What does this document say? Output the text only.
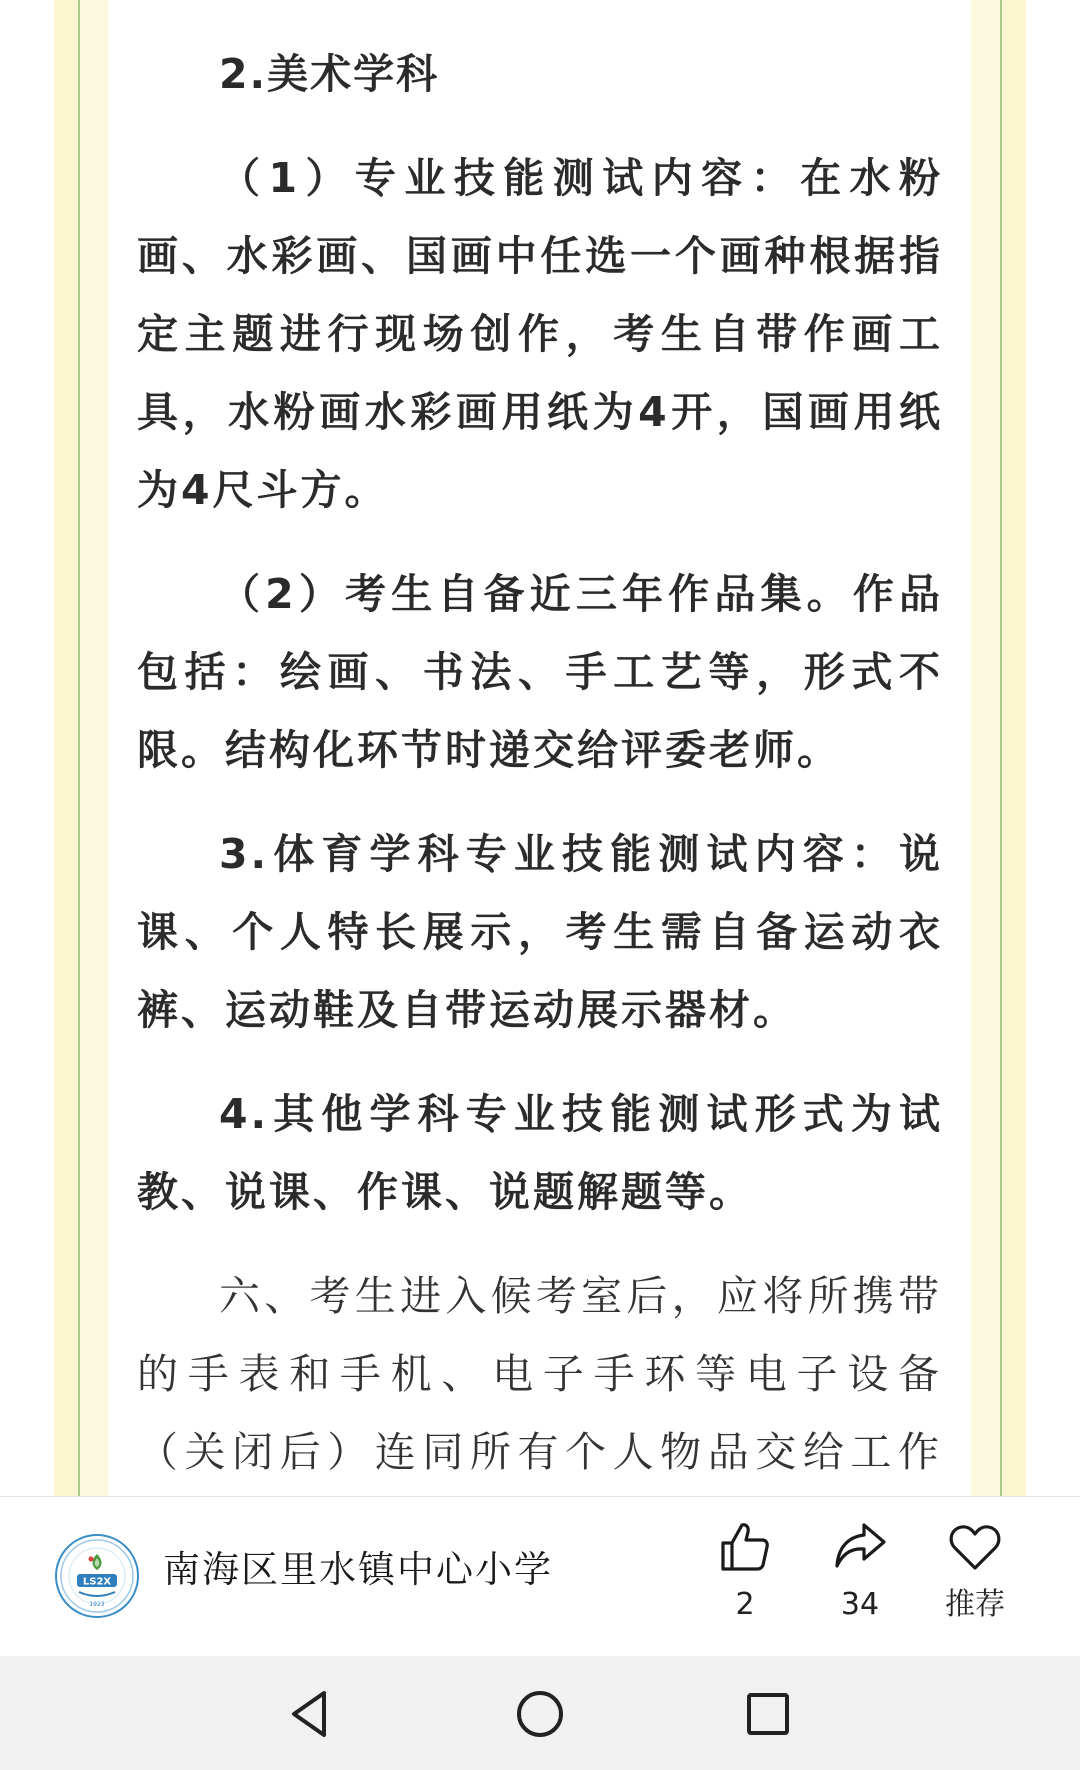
2.美术学科

（1）专业技能测试内容：在水粉画、水彩画、国画中任选一个画种根据指定主题进行现场创作，考生自带作画工具，水粉画水彩画用纸为4开，国画用纸为4尺斗方。

（2）考生自备近三年作品集。作品包括：绘画、书法、手工艺等，形式不限。结构化环节时递交给评委老师。

3.体育学科专业技能测试内容：说课、个人特长展示，考生需自备运动衣裤、运动鞋及自带运动展示器材。

4.其他学科专业技能测试形式为试教、说课、作课、说题解题等。

六、考生进入候考室后，应将所携带的手表和手机、电子手环等电子设备（关闭后）连同所有个人物品交给工作

LS2X
1923
南海区里水镇中心小学
2	34	推荐
